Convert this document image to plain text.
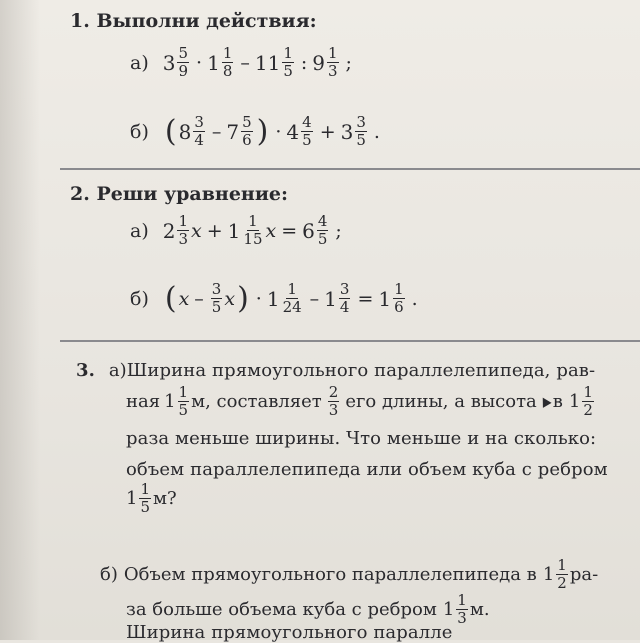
1. Выполни действия:
а) $3 \frac{5}{9} \cdot 1 \frac{1}{8} - 11 \frac{1}{5}$ : $9 \frac{1}{3}$ ;
б) ( $8 \frac{3}{4} - 7 \frac{5}{6}$ ) · $4 \frac{4}{5} + 3 \frac{3}{5}$ .
2. Реши уравнение:
а) $2 \frac{1}{3}$ $x + 1 \frac{1}{15}$ $x = 6 \frac{4}{5}$ ;
б) ( x – $\frac{3}{5}$ x ) · $1 \frac{1}{24} - 1 \frac{3}{4} = 1 \frac{1}{6}$ .
3. а)Ширина прямоугольного параллелепипеда, рав-
ная $1 \frac{1}{5} м$, составляет $\frac{2}{3}$ его длины, а высота в $1 \frac{1}{2}$
раза меньше ширины. Что меньше и на сколько:
объем параллелепипеда или объем куба с ребром
$1 \frac{1}{5} м$?
б) Объем прямоугольного параллелепипеда в $1 \frac{1}{2} ра-$
за больше объема куба с ребром $1 \frac{1}{3} м$.
Ширина прямоугольного паралле
